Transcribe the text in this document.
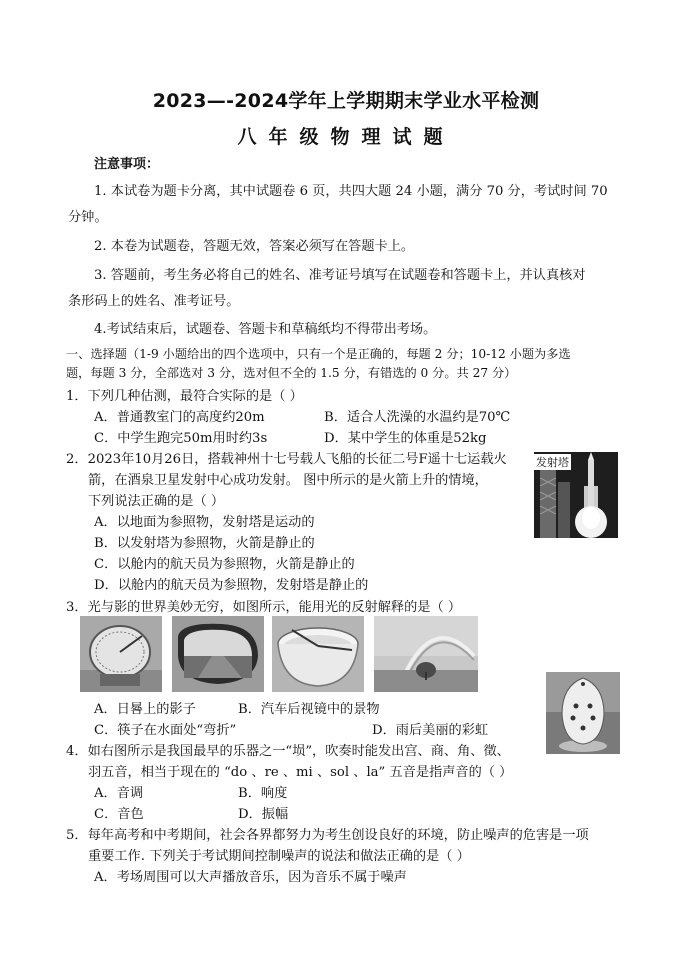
2023—-2024学年上学期期末学业水平检测
八年级物理试题
注意事项：
1. 本试卷为题卡分离，其中试题卷 6 页，共四大题 24 小题，满分 70 分，考试时间 70
分钟。
2. 本卷为试题卷，答题无效，答案必须写在答题卡上。
3. 答题前，考生务必将自己的姓名、准考证号填写在试题卷和答题卡上，并认真核对
条形码上的姓名、准考证号。
4.考试结束后，试题卷、答题卡和草稿纸均不得带出考场。
一、选择题（1-9 小题给出的四个选项中，只有一个是正确的，每题 2 分；10-12 小题为多选
题，每题 3 分，全部选对 3 分，选对但不全的 1.5 分，有错选的 0 分。共 27 分）
1．下列几种估测，最符合实际的是（ ）
A．普通教室门的高度约20m	B．适合人洗澡的水温约是70℃
C．中学生跑完50m用时约3s	D．某中学生的体重是52kg
2．2023年10月26日，搭载神州十七号载人飞船的长征二号F遥十七运载火
箭，在酒泉卫星发射中心成功发射。 图中所示的是火箭上升的情境，
下列说法正确的是（ ）
A．以地面为参照物，发射塔是运动的
B．以发射塔为参照物，火箭是静止的
C．以舱内的航天员为参照物，火箭是静止的
D．以舱内的航天员为参照物，发射塔是静止的
发射塔
3．光与影的世界美妙无穷，如图所示，能用光的反射解释的是（ ）
A．日晷上的影子	B．汽车后视镜中的景物
C．筷子在水面处“弯折”	D．雨后美丽的彩虹
4．如右图所示是我国最早的乐器之一“埙”，吹奏时能发出宫、商、角、徵、
羽五音，相当于现在的 “do 、re 、mi 、sol 、la” 五音是指声音的（ ）
A．音调	B．响度
C．音色	D．振幅
5．每年高考和中考期间，社会各界都努力为考生创设良好的环境，防止噪声的危害是一项
重要工作. 下列关于考试期间控制噪声的说法和做法正确的是（ ）
A．考场周围可以大声播放音乐，因为音乐不属于噪声
